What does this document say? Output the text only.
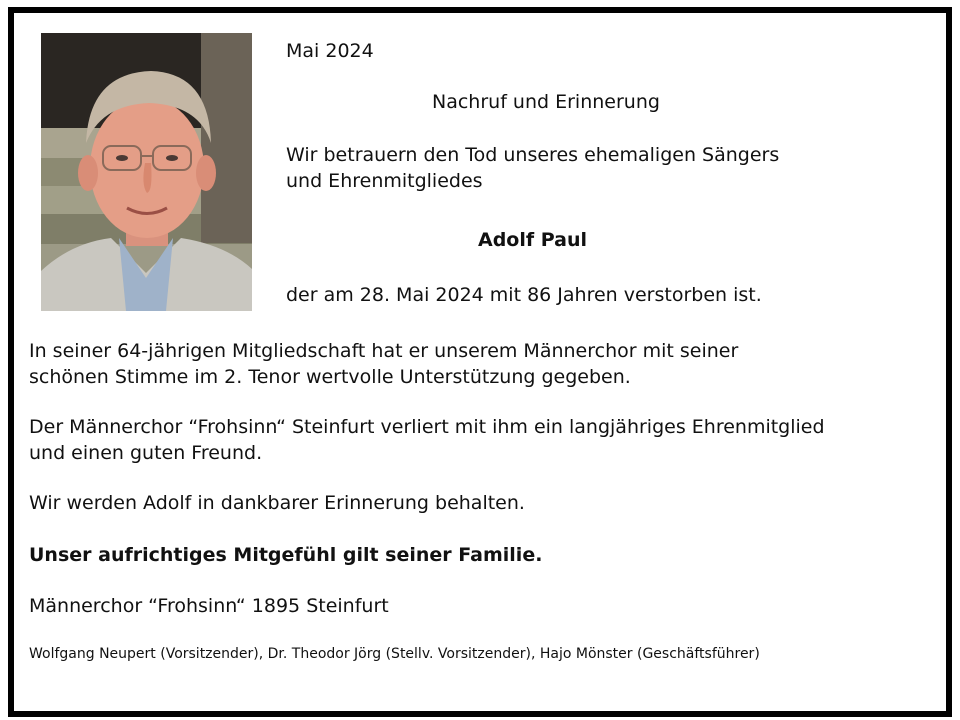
Mai 2024
Nachruf und Erinnerung
Wir betrauern den Tod unseres ehemaligen Sängers
und Ehrenmitgliedes
Adolf Paul
der am 28. Mai 2024 mit 86 Jahren verstorben ist.
In seiner 64-jährigen Mitgliedschaft hat er unserem Männerchor mit seiner
schönen Stimme im 2. Tenor wertvolle Unterstützung gegeben.
Der Männerchor “Frohsinn“ Steinfurt verliert mit ihm ein langjähriges Ehrenmitglied
und einen guten Freund.
Wir werden Adolf in dankbarer Erinnerung behalten.
Unser aufrichtiges Mitgefühl gilt seiner Familie.
Männerchor “Frohsinn“ 1895 Steinfurt
Wolfgang Neupert (Vorsitzender), Dr. Theodor Jörg (Stellv. Vorsitzender), Hajo Mönster (Geschäftsführer)
